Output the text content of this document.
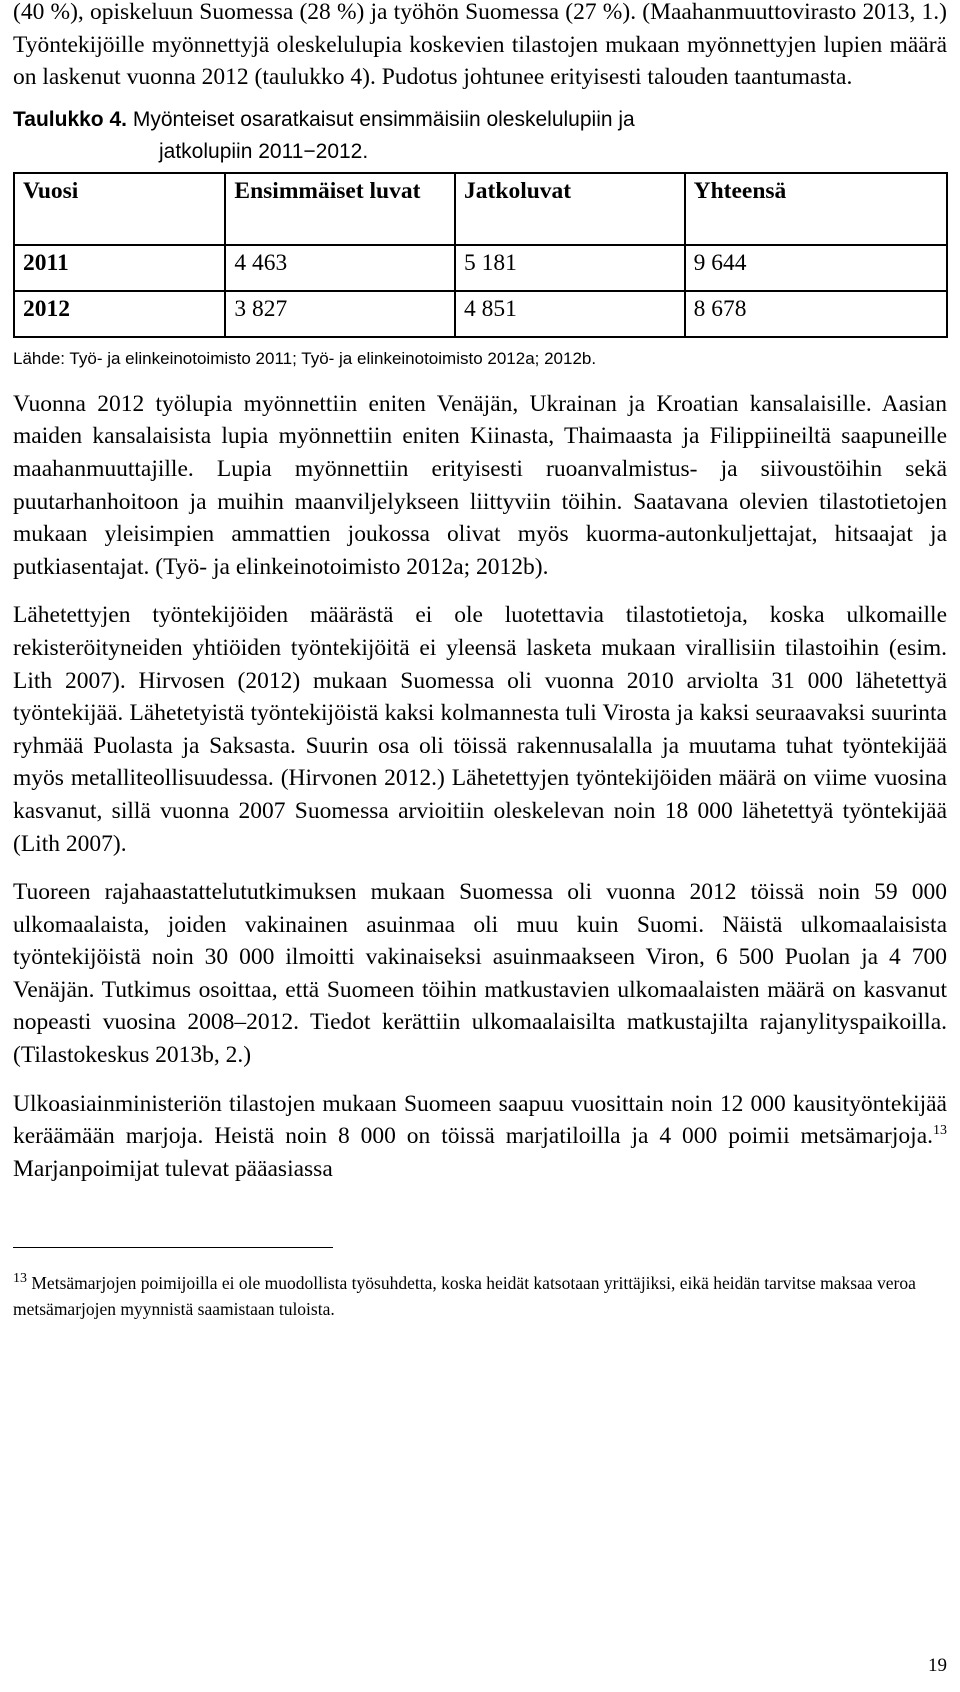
(40 %), opiskeluun Suomessa (28 %) ja työhön Suomessa (27 %). (Maahanmuuttovirasto 2013, 1.) Työntekijöille myönnettyjä oleskelulupia koskevien tilastojen mukaan myönnettyjen lupien määrä on laskenut vuonna 2012 (taulukko 4). Pudotus johtunee erityisesti talouden taantumasta.

Taulukko 4. Myönteiset osaratkaisut ensimmäisiin oleskelulupiin ja
jatkolupiin 2011−2012.
Vuosi	Ensimmäiset luvat	Jatkoluvat	Yhteensä
2011	4 463	5 181	9 644
2012	3 827	4 851	8 678
Lähde: Työ- ja elinkeinotoimisto 2011; Työ- ja elinkeinotoimisto 2012a; 2012b.

Vuonna 2012 työlupia myönnettiin eniten Venäjän, Ukrainan ja Kroatian kansalaisille. Aasian maiden kansalaisista lupia myönnettiin eniten Kiinasta, Thaimaasta ja Filippiineiltä saapuneille maahanmuuttajille. Lupia myönnettiin erityisesti ruoanvalmistus- ja siivoustöihin sekä puutarhanhoitoon ja muihin maanviljelykseen liittyviin töihin. Saatavana olevien tilastotietojen mukaan yleisimpien ammattien joukossa olivat myös kuorma-autonkuljettajat, hitsaajat ja putkiasentajat. (Työ- ja elinkeinotoimisto 2012a; 2012b).

Lähetettyjen työntekijöiden määrästä ei ole luotettavia tilastotietoja, koska ulkomaille rekisteröityneiden yhtiöiden työntekijöitä ei yleensä lasketa mukaan virallisiin tilastoihin (esim. Lith 2007). Hirvosen (2012) mukaan Suomessa oli vuonna 2010 arviolta 31 000 lähetettyä työntekijää. Lähetetyistä työntekijöistä kaksi kolmannesta tuli Virosta ja kaksi seuraavaksi suurinta ryhmää Puolasta ja Saksasta. Suurin osa oli töissä rakennusalalla ja muutama tuhat työntekijää myös metalliteollisuudessa. (Hirvonen 2012.) Lähetettyjen työntekijöiden määrä on viime vuosina kasvanut, sillä vuonna 2007 Suomessa arvioitiin oleskelevan noin 18 000 lähetettyä työntekijää (Lith 2007).

Tuoreen rajahaastattelututkimuksen mukaan Suomessa oli vuonna 2012 töissä noin 59 000 ulkomaalaista, joiden vakinainen asuinmaa oli muu kuin Suomi. Näistä ulkomaalaisista työntekijöistä noin 30 000 ilmoitti vakinaiseksi asuinmaakseen Viron, 6 500 Puolan ja 4 700 Venäjän. Tutkimus osoittaa, että Suomeen töihin matkustavien ulkomaalaisten määrä on kasvanut nopeasti vuosina 2008–2012. Tiedot kerättiin ulkomaalaisilta matkustajilta rajanylityspaikoilla. (Tilastokeskus 2013b, 2.)

Ulkoasiainministeriön tilastojen mukaan Suomeen saapuu vuosittain noin 12 000 kausityöntekijää keräämään marjoja. Heistä noin 8 000 on töissä marjatiloilla ja 4 000 poimii metsämarjoja.$^{13}$ Marjanpoimijat tulevat pääasiassa

$^{13}$ Metsämarjojen poimijoilla ei ole muodollista työsuhdetta, koska heidät katsotaan yrittäjiksi, eikä heidän tarvitse maksaa veroa metsämarjojen myynnistä saamistaan tuloista.
19
